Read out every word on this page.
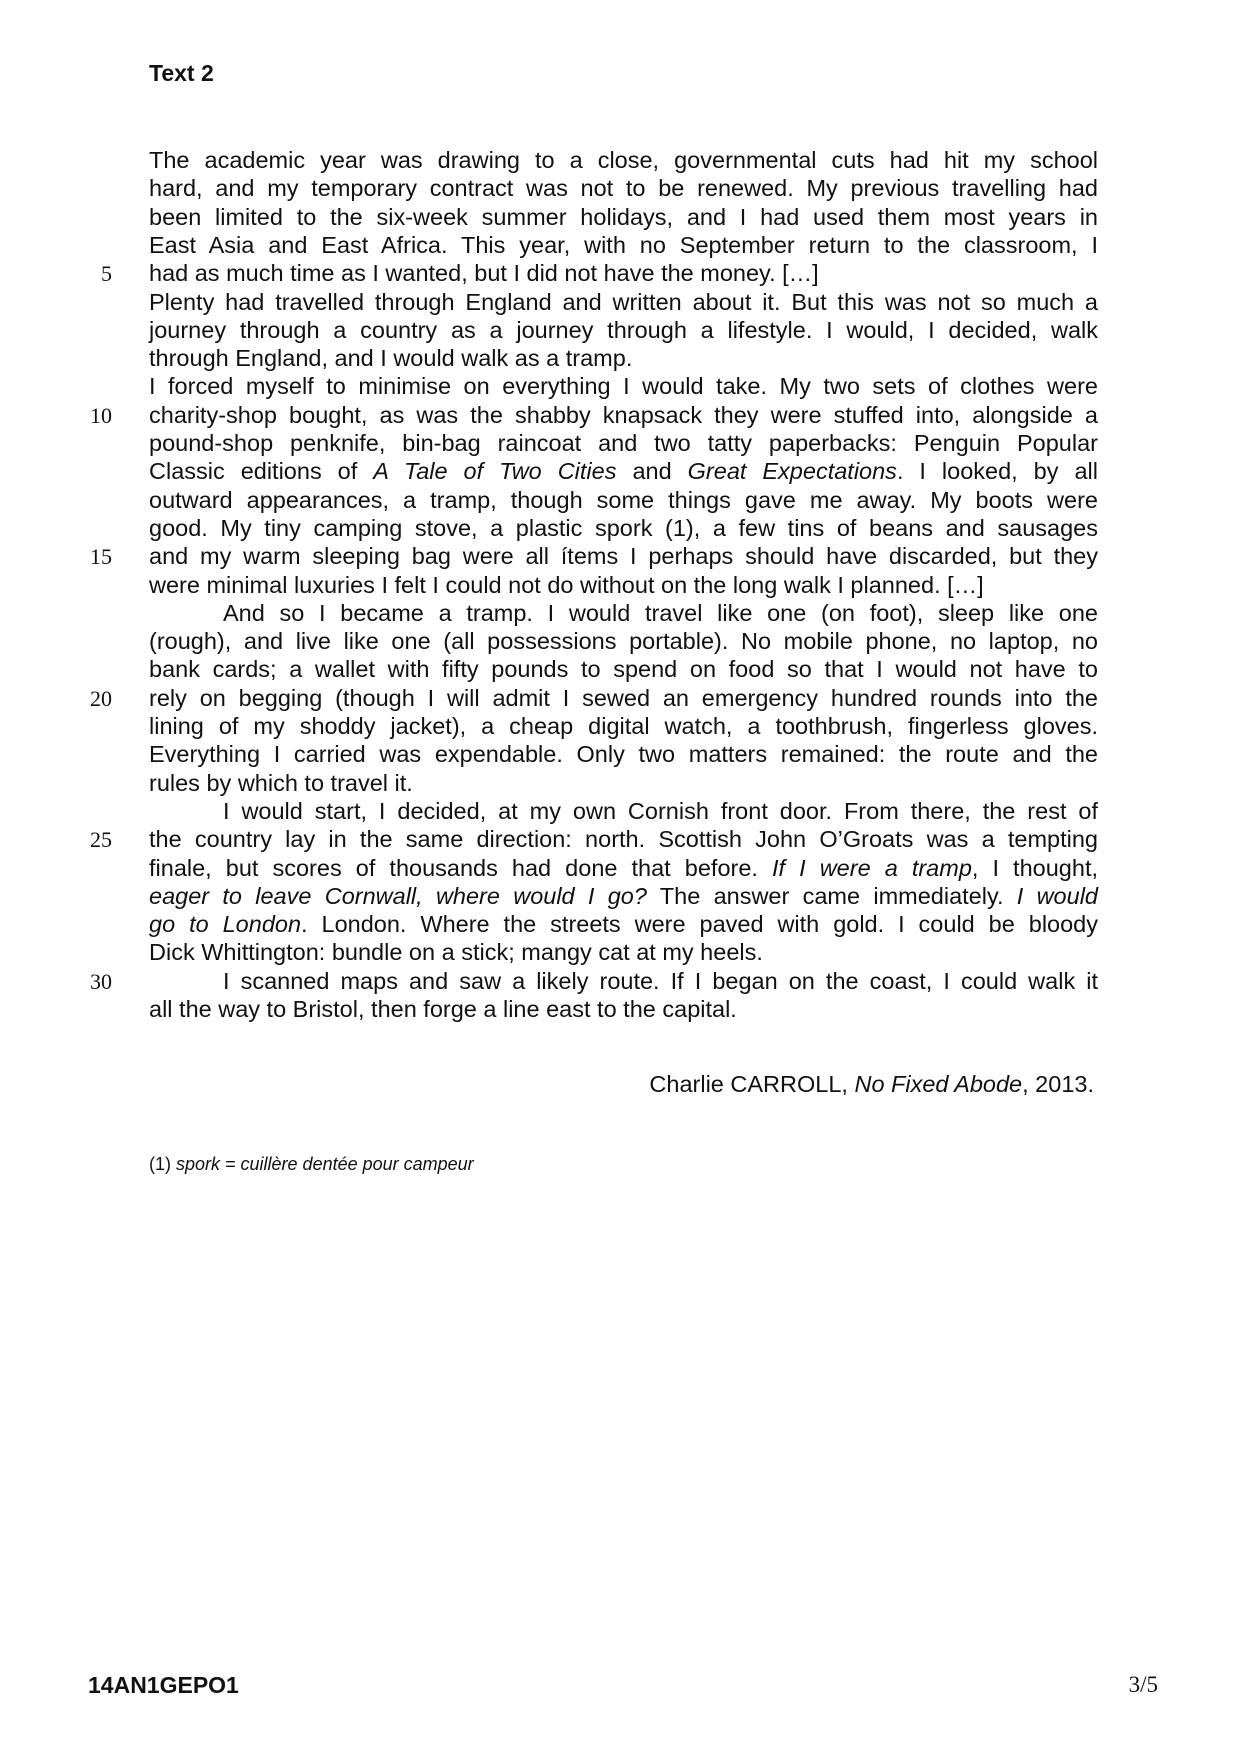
Text 2
The academic year was drawing to a close, governmental cuts had hit my school
hard, and my temporary contract was not to be renewed. My previous travelling had
been limited to the six-week summer holidays, and I had used them most years in
East Asia and East Africa. This year, with no September return to the classroom, I
had as much time as I wanted, but I did not have the money. […]
5
Plenty had travelled through England and written about it. But this was not so much a
journey through a country as a journey through a lifestyle. I would, I decided, walk
through England, and I would walk as a tramp.
I forced myself to minimise on everything I would take. My two sets of clothes were
charity-shop bought, as was the shabby knapsack they were stuffed into, alongside a
10
pound-shop penknife, bin-bag raincoat and two tatty paperbacks: Penguin Popular
Classic editions of A Tale of Two Cities and Great Expectations. I looked, by all
outward appearances, a tramp, though some things gave me away. My boots were
good. My tiny camping stove, a plastic spork (1), a few tins of beans and sausages
and my warm sleeping bag were all ítems I perhaps should have discarded, but they
15
were minimal luxuries I felt I could not do without on the long walk I planned. […]
And so I became a tramp. I would travel like one (on foot), sleep like one
(rough), and live like one (all possessions portable). No mobile phone, no laptop, no
bank cards; a wallet with fifty pounds to spend on food so that I would not have to
rely on begging (though I will admit I sewed an emergency hundred rounds into the
20
lining of my shoddy jacket), a cheap digital watch, a toothbrush, fingerless gloves.
Everything I carried was expendable. Only two matters remained: the route and the
rules by which to travel it.
I would start, I decided, at my own Cornish front door. From there, the rest of
the country lay in the same direction: north. Scottish John O’Groats was a tempting
25
finale, but scores of thousands had done that before. If I were a tramp, I thought,
eager to leave Cornwall, where would I go? The answer came immediately. I would
go to London. London. Where the streets were paved with gold. I could be bloody
Dick Whittington: bundle on a stick; mangy cat at my heels.
I scanned maps and saw a likely route. If I began on the coast, I could walk it
30
all the way to Bristol, then forge a line east to the capital.
Charlie CARROLL, No Fixed Abode, 2013.
(1) spork = cuillère dentée pour campeur
14AN1GEPO1	3/5
